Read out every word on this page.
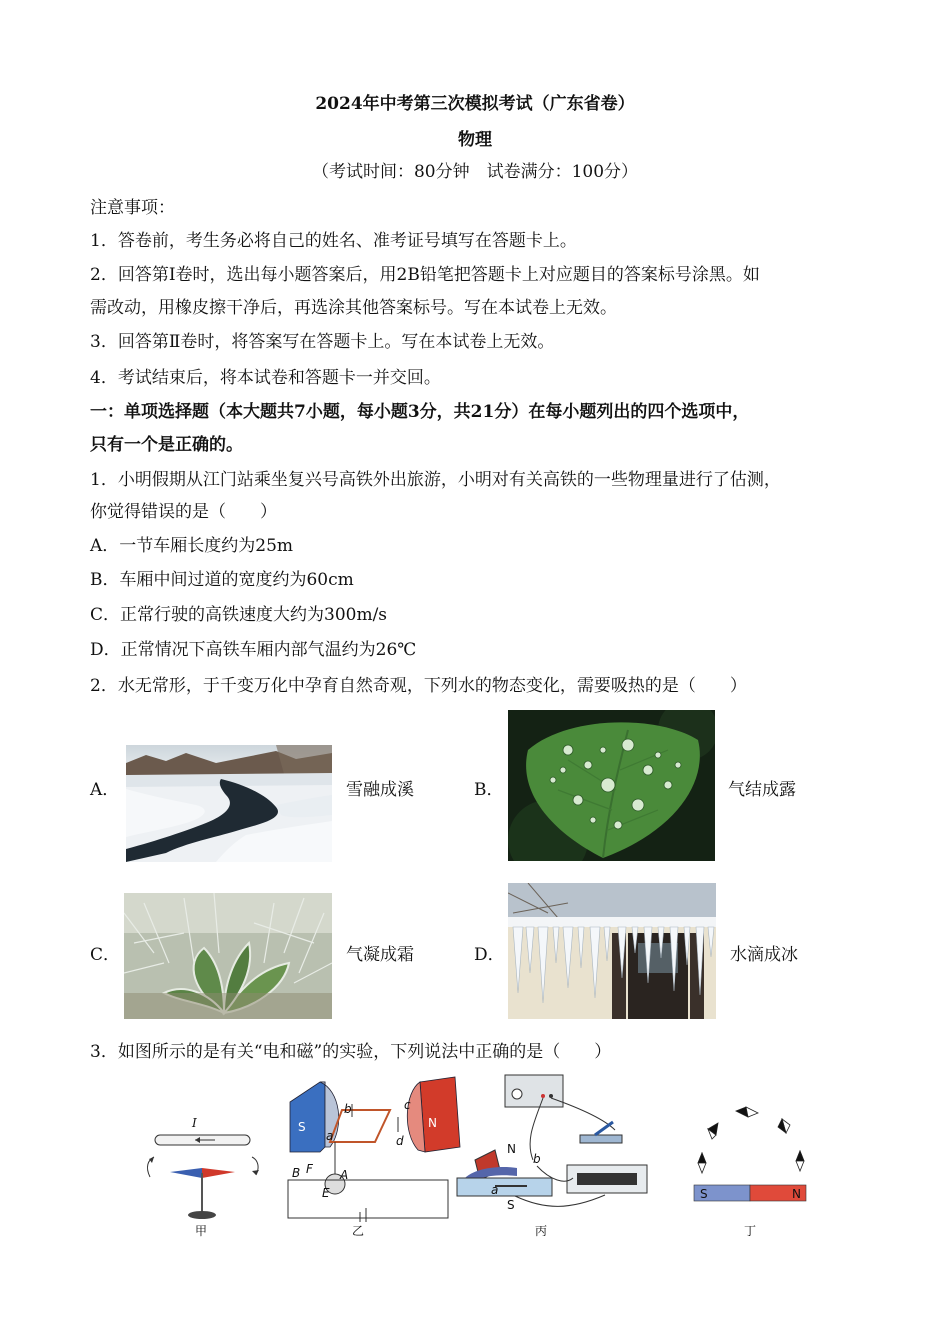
2024年中考第三次模拟考试（广东省卷）
物理
（考试时间：80分钟　试卷满分：100分）
注意事项：
1．答卷前，考生务必将自己的姓名、准考证号填写在答题卡上。
2．回答第Ⅰ卷时，选出每小题答案后，用2B铅笔把答题卡上对应题目的答案标号涂黑。如
需改动，用橡皮擦干净后，再选涂其他答案标号。写在本试卷上无效。
3．回答第Ⅱ卷时，将答案写在答题卡上。写在本试卷上无效。
4．考试结束后，将本试卷和答题卡一并交回。
一：单项选择题（本大题共7小题，每小题3分，共21分）在每小题列出的四个选项中，
只有一个是正确的。
1．小明假期从江门站乘坐复兴号高铁外出旅游，小明对有关高铁的一些物理量进行了估测，
你觉得错误的是（　　）
A．一节车厢长度约为25m
B．车厢中间过道的宽度约为60cm
C．正常行驶的高铁速度大约为300m/s
D．正常情况下高铁车厢内部气温约为26℃
2．水无常形，于千变万化中孕育自然奇观，下列水的物态变化，需要吸热的是（　　）
A．	雪融成溪	B．	气结成露
C．	气凝成霜	D．	水滴成冰
3．如图所示的是有关“电和磁”的实验，下列说法中正确的是（　　）
I
甲
S	N
a
b	c
d
B F A
E
乙
N
S
a
b
丙
S	N
丁
